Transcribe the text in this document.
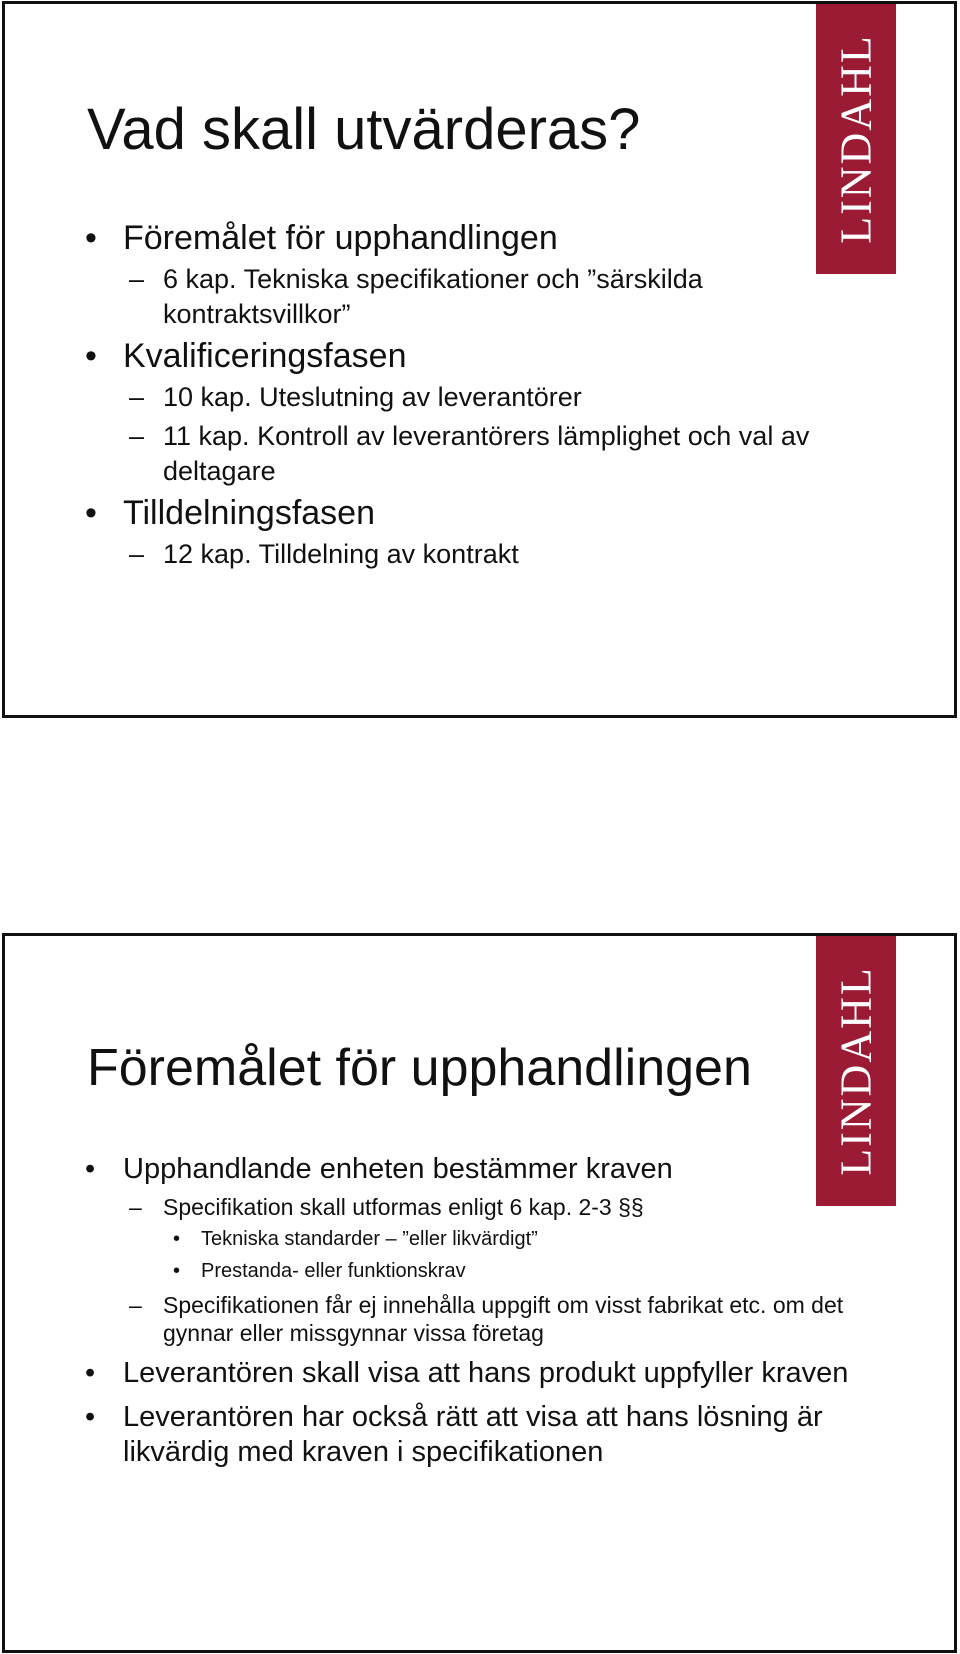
LINDAHL
Vad skall utvärderas?

• Föremålet för upphandlingen

– 6 kap. Tekniska specifikationer och ”särskilda kontraktsvillkor”

• Kvalificeringsfasen

– 10 kap. Uteslutning av leverantörer

– 11 kap. Kontroll av leverantörers lämplighet och val av deltagare

• Tilldelningsfasen

– 12 kap. Tilldelning av kontrakt

LINDAHL
Föremålet för upphandlingen

• Upphandlande enheten bestämmer kraven

– Specifikation skall utformas enligt 6 kap. 2-3 §§

• Tekniska standarder – ”eller likvärdigt”

• Prestanda- eller funktionskrav

– Specifikationen får ej innehålla uppgift om visst fabrikat etc. om det gynnar eller missgynnar vissa företag

• Leverantören skall visa att hans produkt uppfyller kraven

• Leverantören har också rätt att visa att hans lösning är likvärdig med kraven i specifikationen
